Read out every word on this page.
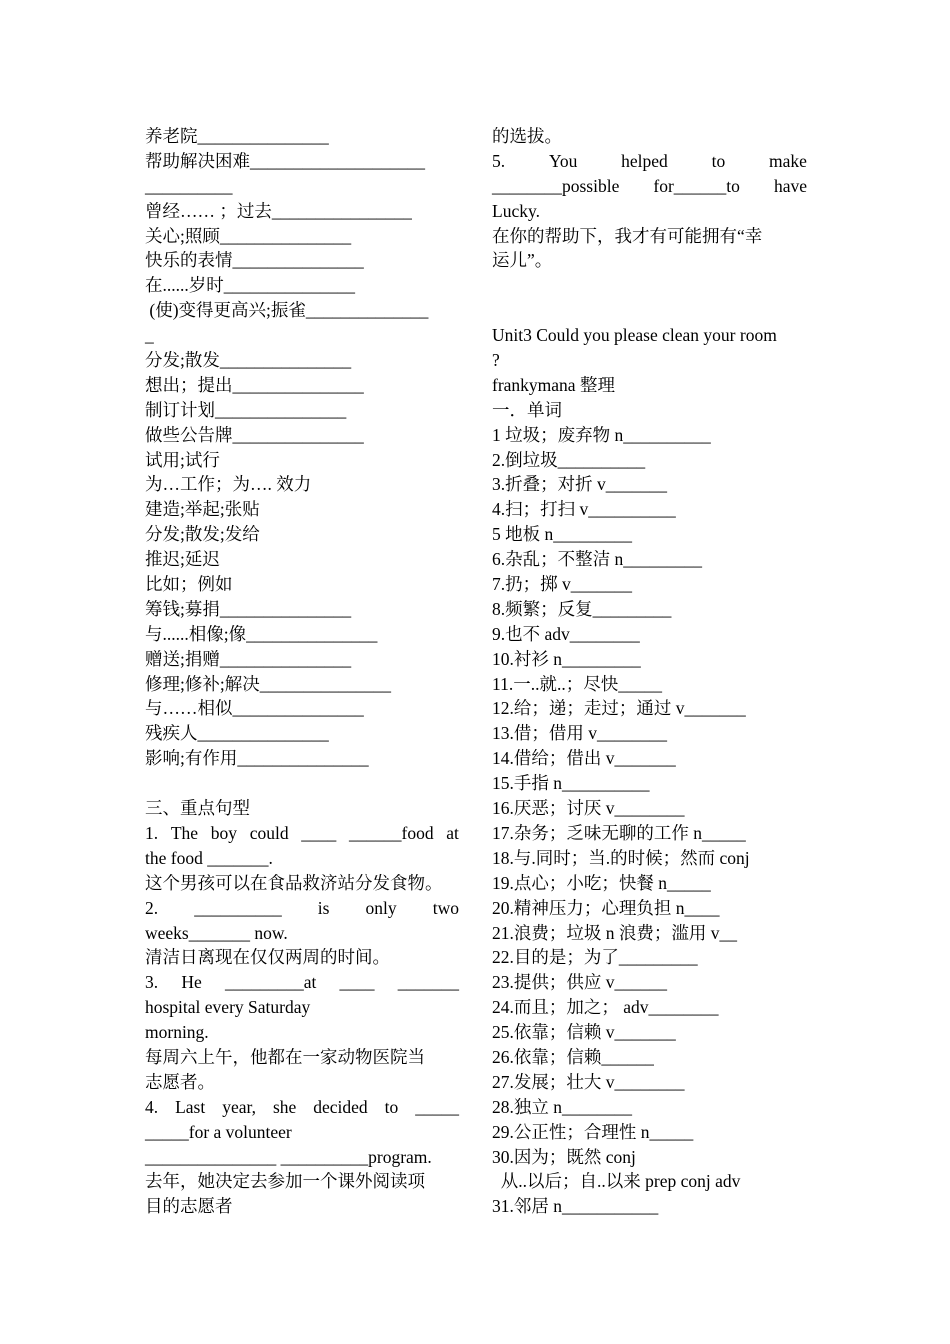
养老院_______________
帮助解决困难____________________
__________
曾经…… ；过去________________
关心;照顾_______________
快乐的表情_______________
在......岁时_______________
(使)变得更高兴;振雀______________
_
分发;散发_______________
想出；提出_______________
制订计划_______________
做些公告牌_______________
试用;试行
为…工作；为…. 效力
建造;举起;张贴
分发;散发;发给
推迟;延迟
比如；例如
筹钱;募捐_______________
与......相像;像_______________
赠送;捐赠_______________
修理;修补;解决_______________
与……相似_______________
残疾人_______________
影响;有作用_______________
三、重点句型
1. The boy could ____ ______food at
the food _______.
这个男孩可以在食品救济站分发食物。
2. __________ is only two
weeks_______ now.
清洁日离现在仅仅两周的时间。
3. He _________at ____ _______
hospital every Saturday
morning.
每周六上午，他都在一家动物医院当
志愿者。
4. Last year, she decided to _____
_____for a volunteer
_______________ __________program.
去年，她决定去参加一个课外阅读项
目的志愿者
的选拔。
5.	You	helped	to	make
________possible for______to have
Lucky.
在你的帮助下，我才有可能拥有“幸
运儿”。
Unit3 Could you please clean your room
?
frankymana 整理
一．单词
1 垃圾；废弃物 n__________
2.倒垃圾__________
3.折叠；对折 v_______
4.扫；打扫 v__________
5 地板 n_________
6.杂乱；不整洁 n_________
7.扔；掷 v_______
8.频繁；反复_________
9.也不 adv________
10.衬衫 n_________
11.一..就..；尽快_____
12.给；递；走过；通过 v_______
13.借；借用 v________
14.借给；借出 v_______
15.手指 n__________
16.厌恶；讨厌 v________
17.杂务；乏味无聊的工作 n_____
18.与.同时；当.的时候；然而 conj
19.点心；小吃；快餐 n_____
20.精神压力；心理负担 n____
21.浪费；垃圾 n 浪费；滥用 v__
22.目的是；为了_________
23.提供；供应 v______
24.而且；加之； adv________
25.依靠；信赖 v_______
26.依靠；信赖______
27.发展；壮大 v________
28.独立 n________
29.公正性；合理性 n_____
30.因为；既然 conj
从..以后；自..以来 prep conj adv
31.邻居 n___________
